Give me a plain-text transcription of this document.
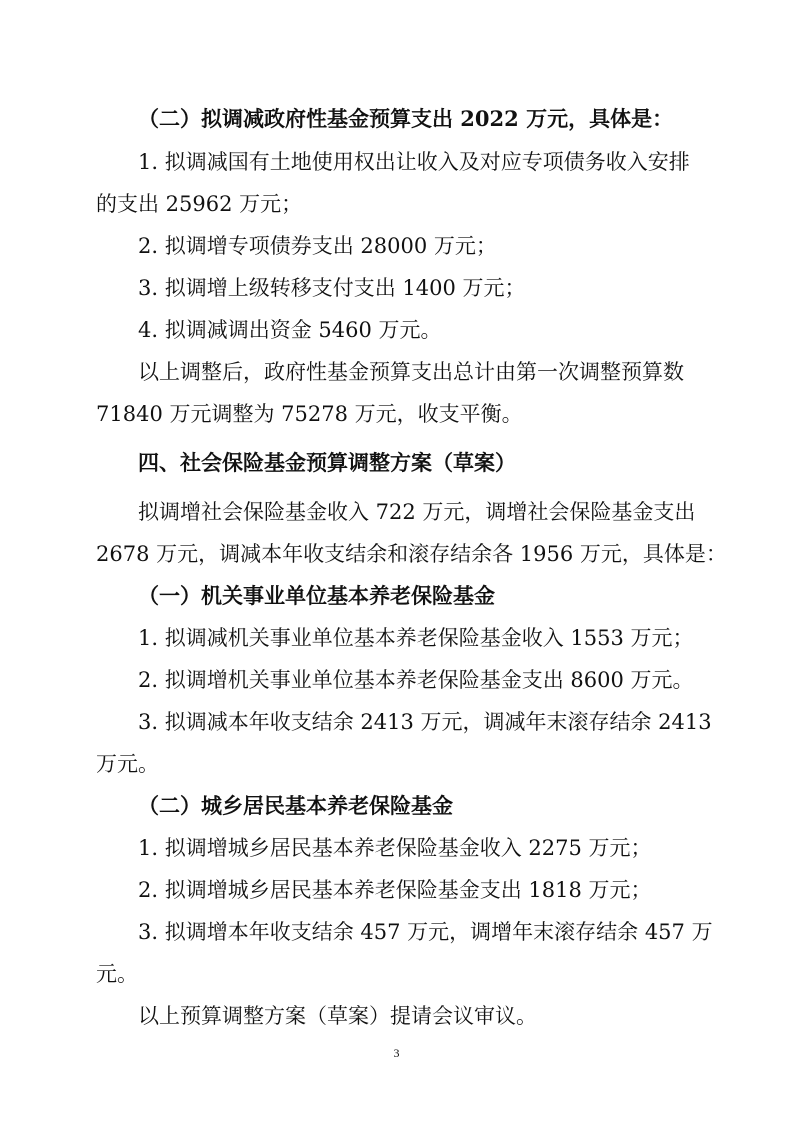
（二）拟调减政府性基金预算支出 2022 万元，具体是：
1. 拟调减国有土地使用权出让收入及对应专项债务收入安排
的支出 25962 万元；
2. 拟调增专项债券支出 28000 万元；
3. 拟调增上级转移支付支出 1400 万元；
4. 拟调减调出资金 5460 万元。
以上调整后，政府性基金预算支出总计由第一次调整预算数
71840 万元调整为 75278 万元，收支平衡。
四、社会保险基金预算调整方案（草案）
拟调增社会保险基金收入 722 万元，调增社会保险基金支出
2678 万元，调减本年收支结余和滚存结余各 1956 万元，具体是：
（一）机关事业单位基本养老保险基金
1. 拟调减机关事业单位基本养老保险基金收入 1553 万元；
2. 拟调增机关事业单位基本养老保险基金支出 8600 万元。
3. 拟调减本年收支结余 2413 万元，调减年末滚存结余 2413
万元。
（二）城乡居民基本养老保险基金
1. 拟调增城乡居民基本养老保险基金收入 2275 万元；
2. 拟调增城乡居民基本养老保险基金支出 1818 万元；
3. 拟调增本年收支结余 457 万元，调增年末滚存结余 457 万
元。
以上预算调整方案（草案）提请会议审议。
3
